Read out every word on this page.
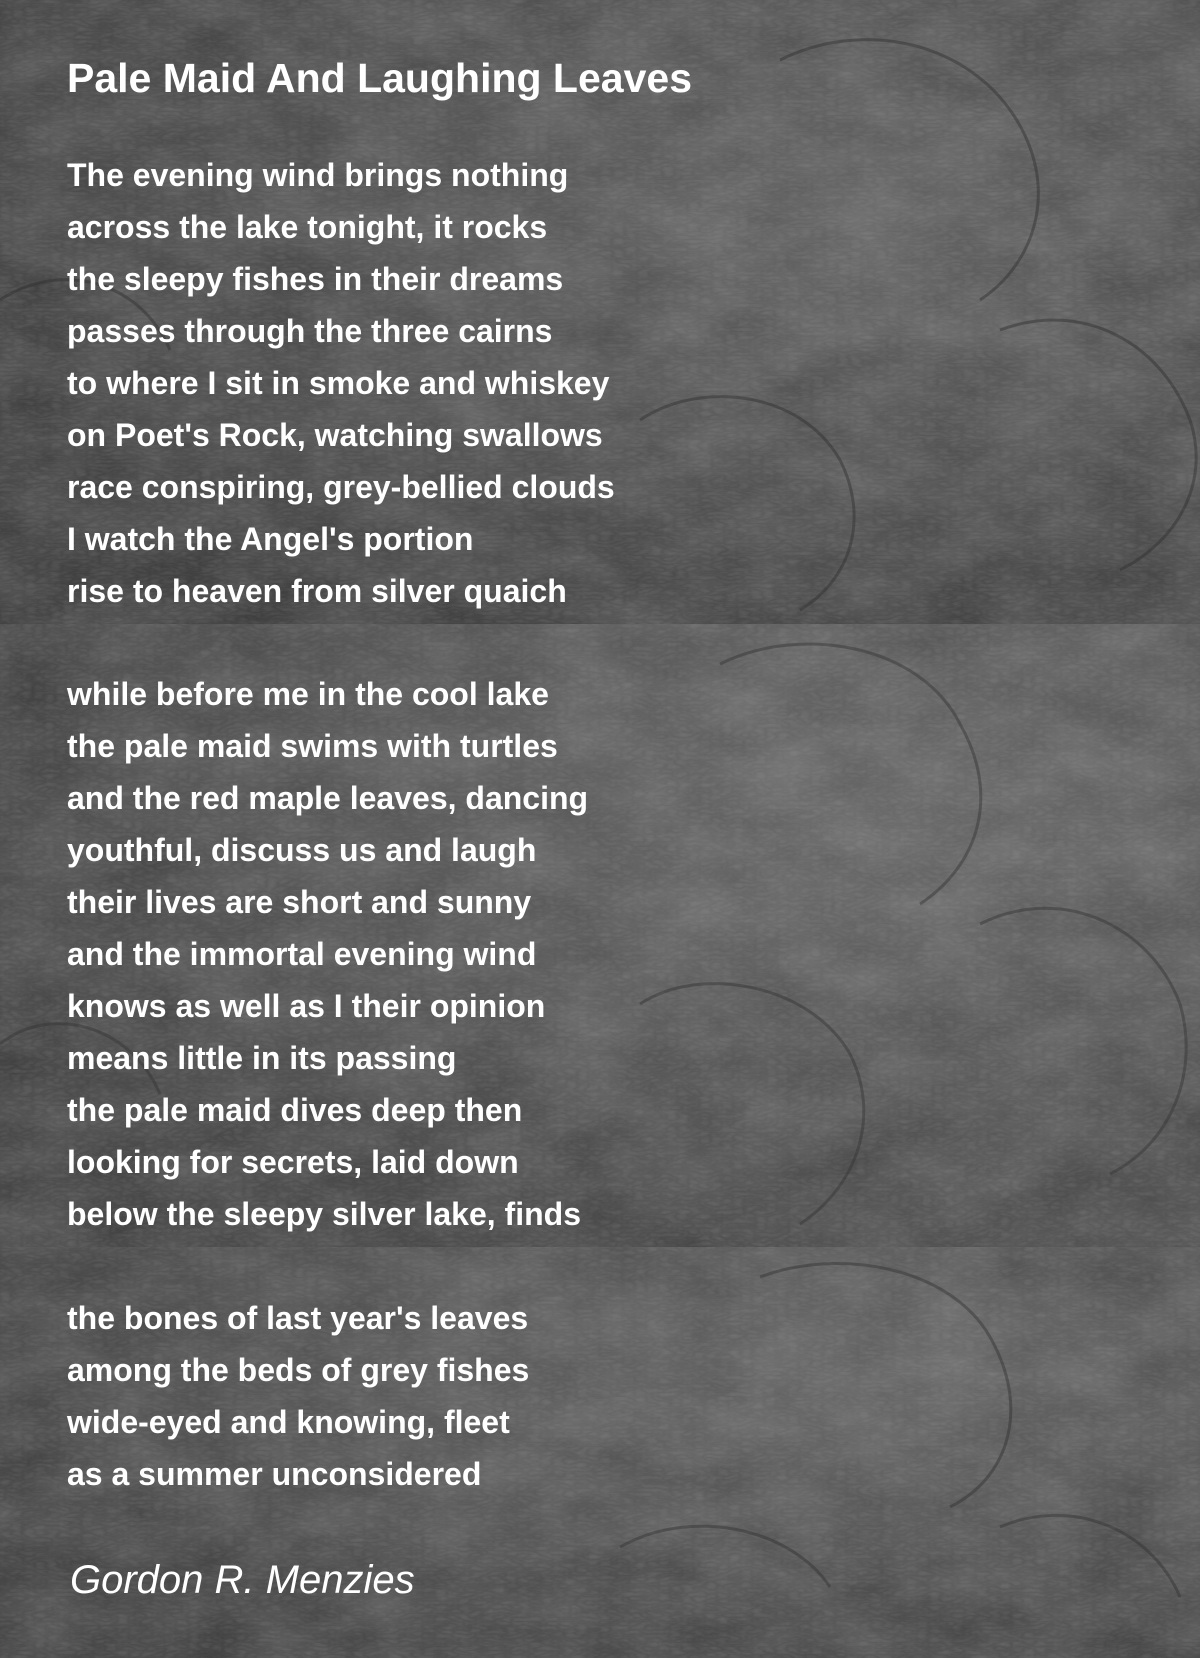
Pale Maid And Laughing Leaves
The evening wind brings nothing
across the lake tonight, it rocks
the sleepy fishes in their dreams
passes through the three cairns
to where I sit in smoke and whiskey
on Poet's Rock, watching swallows
race conspiring, grey-bellied clouds
I watch the Angel's portion
rise to heaven from silver quaich
while before me in the cool lake
the pale maid swims with turtles
and the red maple leaves, dancing
youthful, discuss us and laugh
their lives are short and sunny
and the immortal evening wind
knows as well as I their opinion
means little in its passing
the pale maid dives deep then
looking for secrets, laid down
below the sleepy silver lake, finds
the bones of last year's leaves
among the beds of grey fishes
wide-eyed and knowing, fleet
as a summer unconsidered

Gordon R. Menzies
